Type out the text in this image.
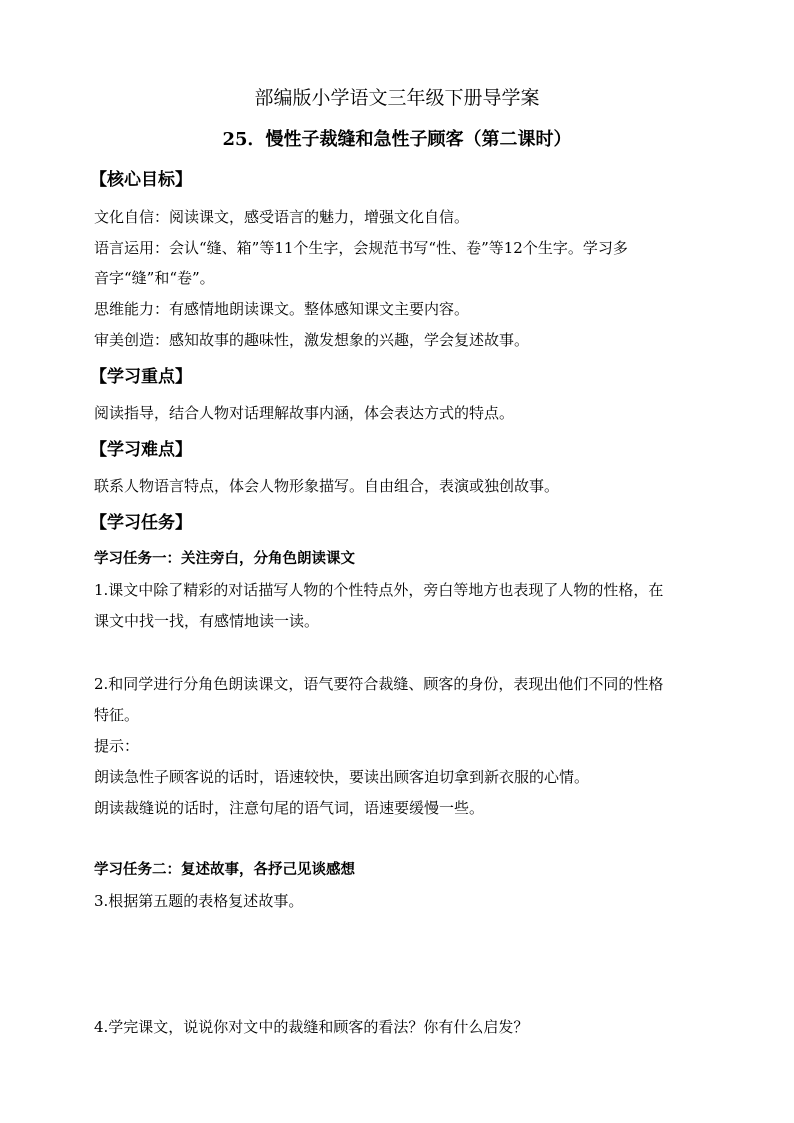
部编版小学语文三年级下册导学案
25．慢性子裁缝和急性子顾客（第二课时）
【核心目标】
文化自信：阅读课文，感受语言的魅力，增强文化自信。
语言运用：会认“缝、箱”等11个生字，会规范书写“性、卷”等12个生字。学习多
音字“缝”和“卷”。
思维能力：有感情地朗读课文。整体感知课文主要内容。
审美创造：感知故事的趣味性，激发想象的兴趣，学会复述故事。
【学习重点】
阅读指导，结合人物对话理解故事内涵，体会表达方式的特点。
【学习难点】
联系人物语言特点，体会人物形象描写。自由组合，表演或独创故事。
【学习任务】
学习任务一：关注旁白，分角色朗读课文
1.课文中除了精彩的对话描写人物的个性特点外，旁白等地方也表现了人物的性格，在
课文中找一找，有感情地读一读。
2.和同学进行分角色朗读课文，语气要符合裁缝、顾客的身份，表现出他们不同的性格
特征。
提示：
朗读急性子顾客说的话时，语速较快，要读出顾客迫切拿到新衣服的心情。
朗读裁缝说的话时，注意句尾的语气词，语速要缓慢一些。
学习任务二：复述故事，各抒己见谈感想
3.根据第五题的表格复述故事。
4.学完课文，说说你对文中的裁缝和顾客的看法？你有什么启发？
